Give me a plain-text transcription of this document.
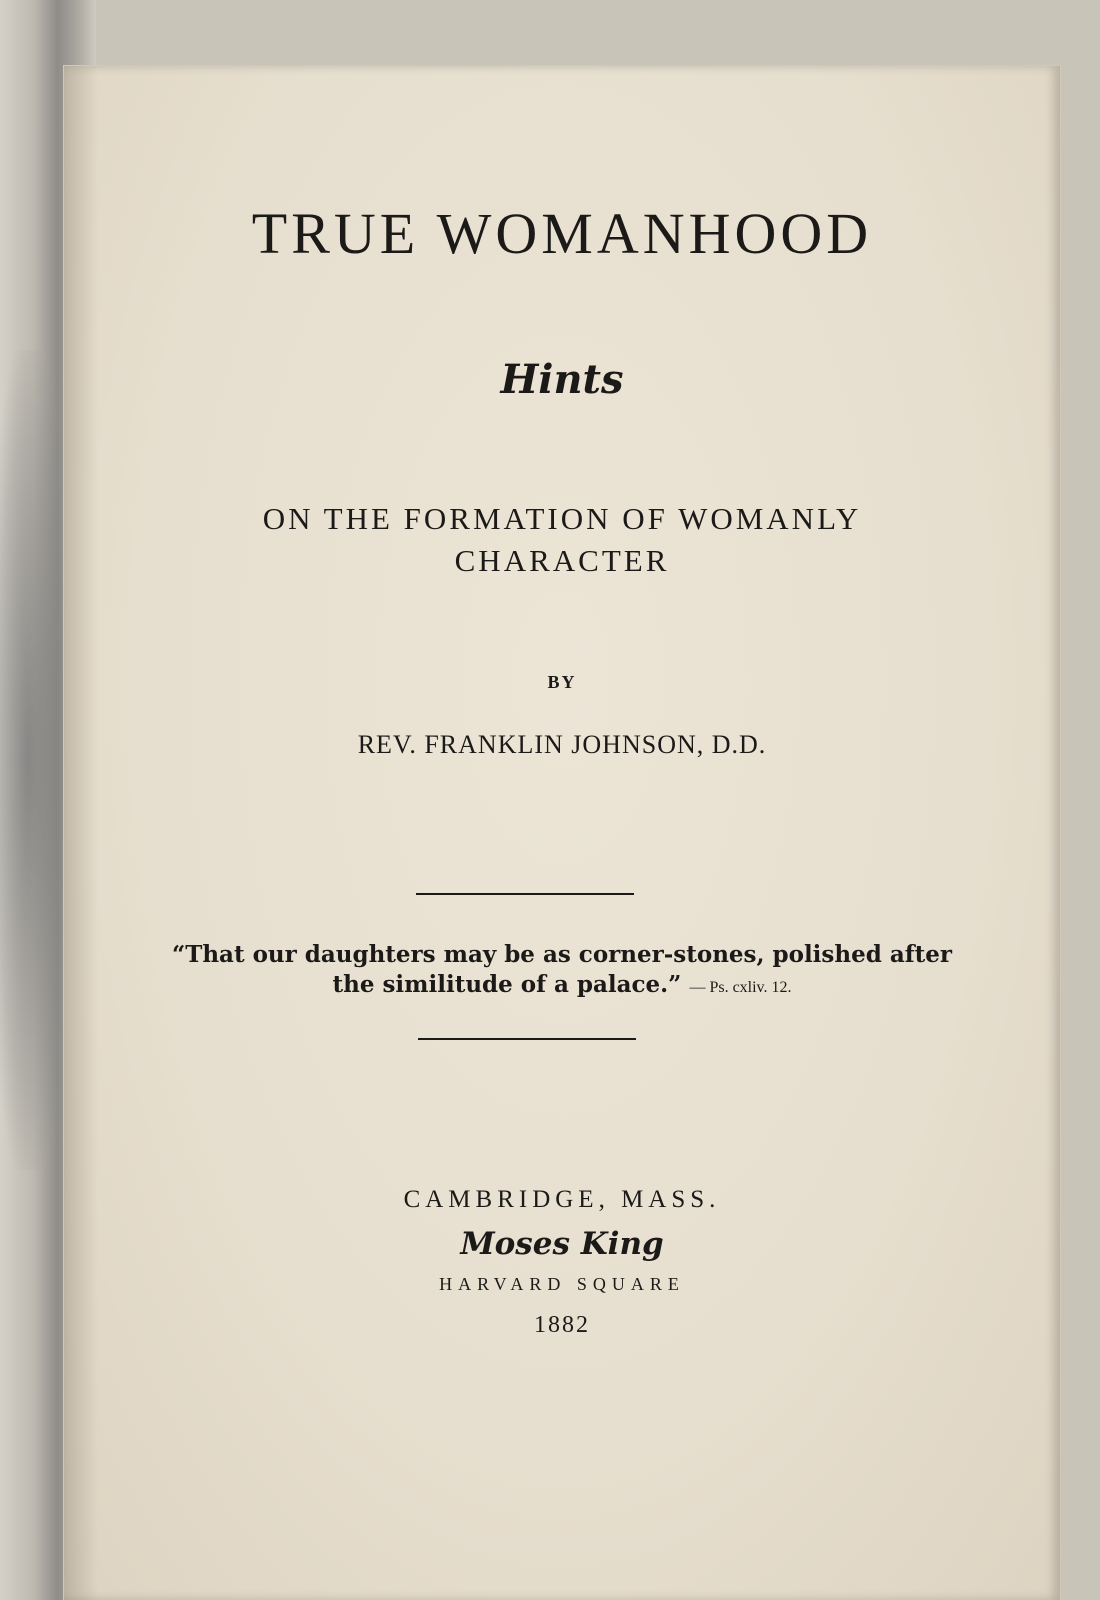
TRUE WOMANHOOD
Hints
ON THE FORMATION OF WOMANLY
CHARACTER
BY
REV. FRANKLIN JOHNSON, D.D.
“That our daughters may be as corner-stones, polished after
the similitude of a palace.” — Ps. cxliv. 12.
CAMBRIDGE, MASS.
Moses King
HARVARD SQUARE
1882
